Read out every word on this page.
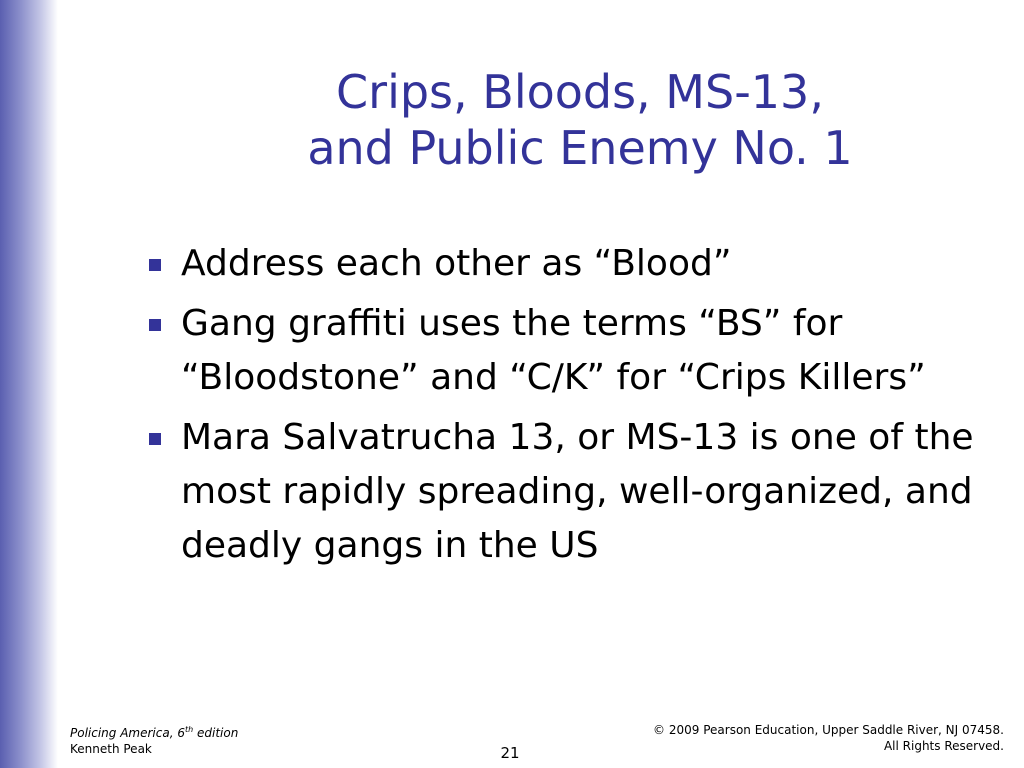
Crips, Bloods, MS-13,
and Public Enemy No. 1
Address each other as “Blood”
Gang graffiti uses the terms “BS” for “Bloodstone” and “C/K” for “Crips Killers”
Mara Salvatrucha 13, or MS-13 is one of the most rapidly spreading, well-organized, and deadly gangs in the US
Policing America, 6th edition
Kenneth Peak	21
© 2009 Pearson Education, Upper Saddle River, NJ 07458.
All Rights Reserved.
